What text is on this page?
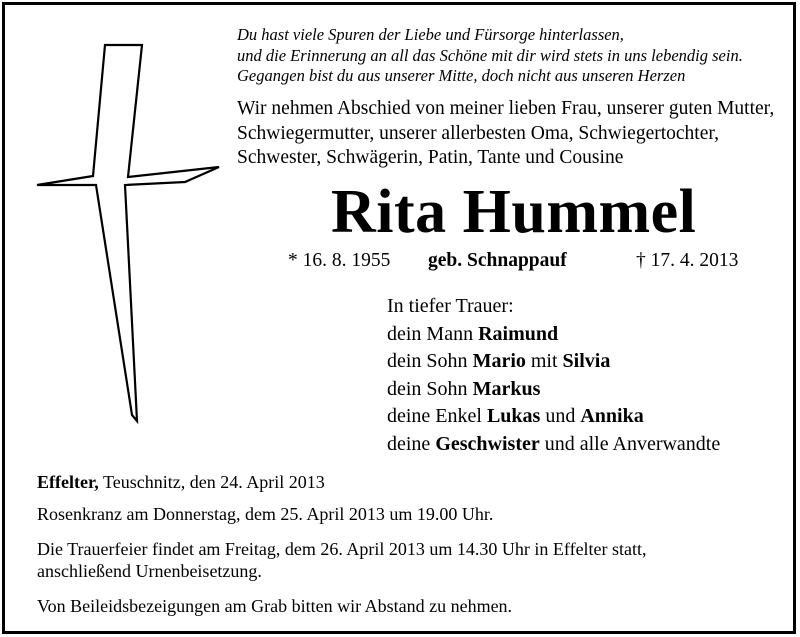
Du hast viele Spuren der Liebe und Fürsorge hinterlassen,
und die Erinnerung an all das Schöne mit dir wird stets in uns lebendig sein.
Gegangen bist du aus unserer Mitte, doch nicht aus unseren Herzen
Wir nehmen Abschied von meiner lieben Frau, unserer guten Mutter,
Schwiegermutter, unserer allerbesten Oma, Schwiegertochter,
Schwester, Schwägerin, Patin, Tante und Cousine
Rita Hummel
* 16. 8. 1955 geb. Schnappauf	† 17. 4. 2013
In tiefer Trauer:
dein Mann Raimund
dein Sohn Mario mit Silvia
dein Sohn Markus
deine Enkel Lukas und Annika
deine Geschwister und alle Anverwandte

Effelter, Teuschnitz, den 24. April 2013

Rosenkranz am Donnerstag, dem 25. April 2013 um 19.00 Uhr.

Die Trauerfeier findet am Freitag, dem 26. April 2013 um 14.30 Uhr in Effelter statt,

anschließend Urnenbeisetzung.

Von Beileidsbezeigungen am Grab bitten wir Abstand zu nehmen.
